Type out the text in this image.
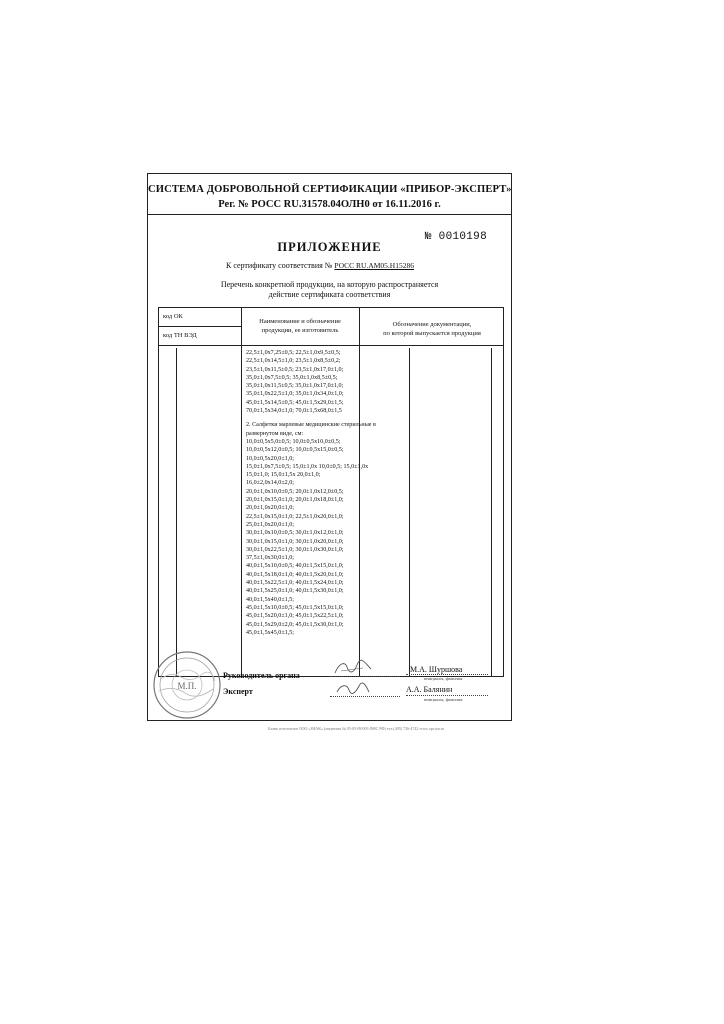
СИСТЕМА ДОБРОВОЛЬНОЙ СЕРТИФИКАЦИИ «ПРИБОР-ЭКСПЕРТ»
Рег. № РОСС RU.31578.04ОЛН0 от 16.11.2016 г.
№ 0010198
ПРИЛОЖЕНИЕ
К сертификату соответствия № РОСС RU.AM05.H15286
Перечень конкретной продукции, на которую распространяется
действие сертификата соответствия
код ОК
код ТН ВЭД
Наименование и обозначение
продукции, ее изготовитель
Обозначение документации,
по которой выпускается продукция
22,5±1,0х7,25±0,5; 22,5±1,0х9,5±0,5;
22,5±1,0х14,5±1,0; 23,5±1,0х8,5±0,2;
23,5±1,0х11,5±0,5; 23,5±1,0х17,0±1,0;
35,0±1,0х7,5±0,5; 35,0±1,0х8,5±0,5;
35,0±1,0х11,5±0,5; 35,0±1,0х17,0±1,0;
35,0±1,0х22,5±1,0; 35,0±1,0х34,0±1,0;
45,0±1,5х14,5±0,5; 45,0±1,5х29,0±1,5;
70,0±1,5х34,0±1,0; 70,0±1,5х68,0±1,5
2. Салфетки марлевые медицинские стерильные в
развернутом виде, см:
10,0±0,5х5,0±0,5; 10,0±0,5х10,0±0,5;
10,0±0,5х12,0±0,5; 10,0±0,5х15,0±0,5;
10,0±0,5х20,0±1,0;
15,0±1,0х7,5±0,5; 15,0±1,0х 10,0±0,5; 15,0±1,0х
15,0±1,0; 15,0±1,5х 20,0±1,0;
16,0±2,0х14,0±2,0;
20,0±1,0х10,0±0,5; 20,0±1,0х12,0±0,5;
20,0±1,0х15,0±1,0; 20,0±1,0х18,0±1,0;
20,0±1,0х20,0±1,0;
22,5±1,0х15,0±1,0; 22,5±1,0х20,0±1,0;
25,0±1,0х20,0±1,0;
30,0±1,0х10,0±0,5; 30,0±1,0х12,0±1,0;
30,0±1,0х15,0±1,0; 30,0±1,0х20,0±1,0;
30,0±1,0х22,5±1,0; 30,0±1,0х30,0±1,0;
37,5±1,0х30,0±1,0;
40,0±1,5х10,0±0,5; 40,0±1,5х15,0±1,0;
40,0±1,5х18,0±1,0; 40,0±1,5х20,0±1,0;
40,0±1,5х22,5±1,0; 40,0±1,5х24,0±1,0;
40,0±1,5х25,0±1,0; 40,0±1,5х30,0±1,0;
40,0±1,5х40,0±1,5;
45,0±1,5х10,0±0,5; 45,0±1,5х15,0±1,0;
45,0±1,5х20,0±1,0; 45,0±1,5х22,5±1,0;
45,0±1,5х29,0±2,0; 45,0±1,5х30,0±1,0;
45,0±1,5х45,0±1,5;
М.П.
Руководитель органа
Эксперт
М.А. Шуршова
инициалы, фамилия
А.А. Балянин
инициалы, фамилия
Бланк изготовлен ООО «ЗНАК» (лицензия № 05-05-09/003 ФНС РФ) тел.(495) 726-4742 www.opcion.ru
